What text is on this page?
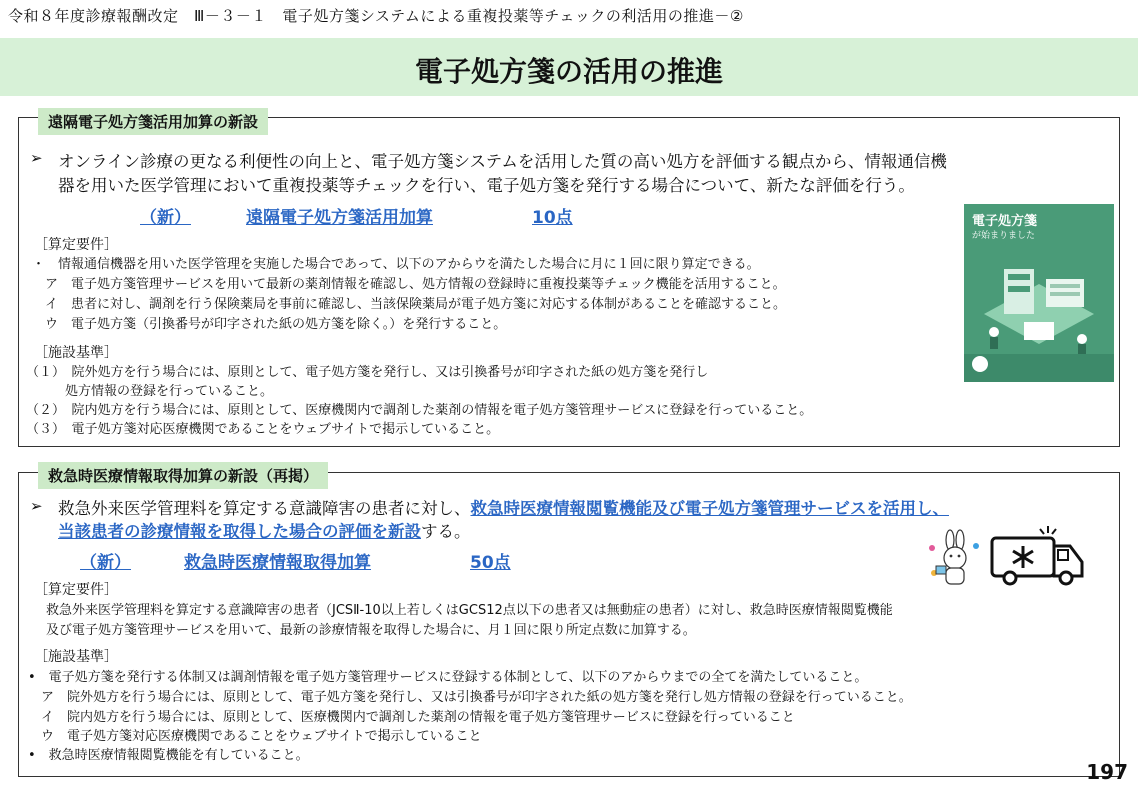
令和８年度診療報酬改定　Ⅲ－３－１　電子処方箋システムによる重複投薬等チェックの利活用の推進－②
電子処方箋の活用の推進
遠隔電子処方箋活用加算の新設
➢ オンライン診療の更なる利便性の向上と、電子処方箋システムを活用した質の高い処方を評価する観点から、情報通信機
器を用いた医学管理において重複投薬等チェックを行い、電子処方箋を発行する場合について、新たな評価を行う。
（新）	遠隔電子処方箋活用加算	10点
［算定要件］
・　情報通信機器を用いた医学管理を実施した場合であって、以下のアからウを満たした場合に月に１回に限り算定できる。
　ア　電子処方箋管理サービスを用いて最新の薬剤情報を確認し、処方情報の登録時に重複投薬等チェック機能を活用すること。
　イ　患者に対し、調剤を行う保険薬局を事前に確認し、当該保険薬局が電子処方箋に対応する体制があることを確認すること。
　ウ　電子処方箋（引換番号が印字された紙の処方箋を除く。）を発行すること。
［施設基準］
（１）　院外処方を行う場合には、原則として、電子処方箋を発行し、又は引換番号が印字された紙の処方箋を発行し
　　　処方情報の登録を行っていること。
（２）　院内処方を行う場合には、原則として、医療機関内で調剤した薬剤の情報を電子処方箋管理サービスに登録を行っていること。
（３）　電子処方箋対応医療機関であることをウェブサイトで掲示していること。
電子処方箋
が始まりました
救急時医療情報取得加算の新設（再掲）
➢ 救急外来医学管理料を算定する意識障害の患者に対し、救急時医療情報閲覧機能及び電子処方箋管理サービスを活用し、
当該患者の診療情報を取得した場合の評価を新設する。
（新）	救急時医療情報取得加算	50点
［算定要件］
救急外来医学管理料を算定する意識障害の患者（JCSⅡ-10以上若しくはGCS12点以下の患者又は無動症の患者）に対し、救急時医療情報閲覧機能
及び電子処方箋管理サービスを用いて、最新の診療情報を取得した場合に、月１回に限り所定点数に加算する。
［施設基準］
•　電子処方箋を発行する体制又は調剤情報を電子処方箋管理サービスに登録する体制として、以下のアからウまでの全てを満たしていること。
　ア　院外処方を行う場合には、原則として、電子処方箋を発行し、又は引換番号が印字された紙の処方箋を発行し処方情報の登録を行っていること。
　イ　院内処方を行う場合には、原則として、医療機関内で調剤した薬剤の情報を電子処方箋管理サービスに登録を行っていること
　ウ　電子処方箋対応医療機関であることをウェブサイトで掲示していること
•　救急時医療情報閲覧機能を有していること。
197
